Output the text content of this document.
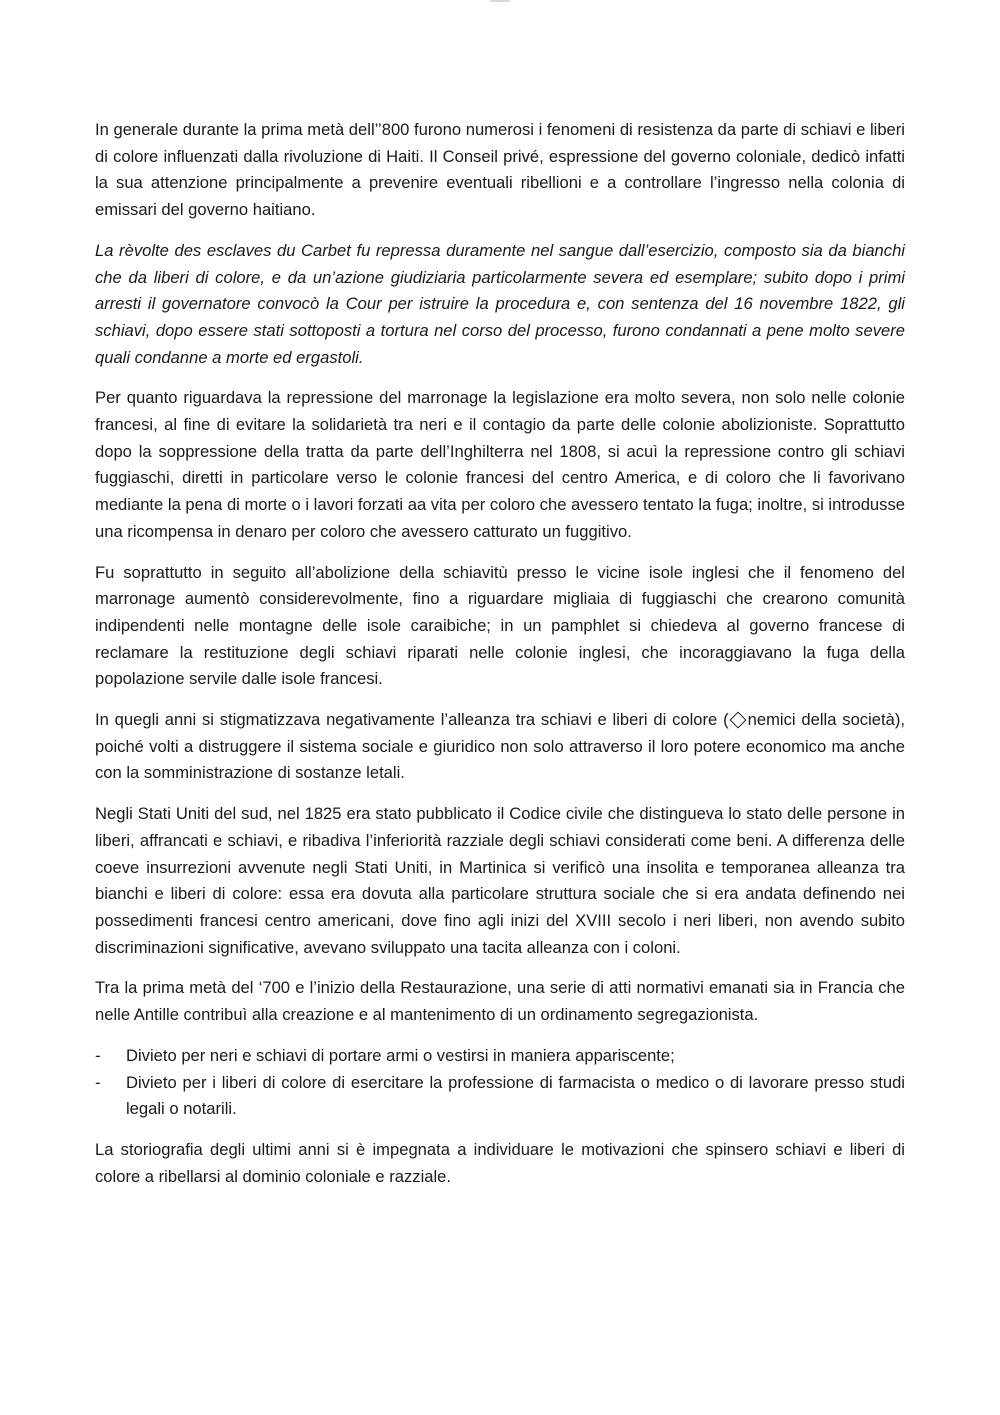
In generale durante la prima metà dell’’800 furono numerosi i fenomeni di resistenza da parte di schiavi e liberi di colore influenzati dalla rivoluzione di Haiti. Il Conseil privé, espressione del governo coloniale, dedicò infatti la sua attenzione principalmente a prevenire eventuali ribellioni e a controllare l’ingresso nella colonia di emissari del governo haitiano.

La rèvolte des esclaves du Carbet fu repressa duramente nel sangue dall’esercizio, composto sia da bianchi che da liberi di colore, e da un’azione giudiziaria particolarmente severa ed esemplare; subito dopo i primi arresti il governatore convocò la Cour per istruire la procedura e, con sentenza del 16 novembre 1822, gli schiavi, dopo essere stati sottoposti a tortura nel corso del processo, furono condannati a pene molto severe quali condanne a morte ed ergastoli.

Per quanto riguardava la repressione del marronage la legislazione era molto severa, non solo nelle colonie francesi, al fine di evitare la solidarietà tra neri e il contagio da parte delle colonie abolizioniste. Soprattutto dopo la soppressione della tratta da parte dell’Inghilterra nel 1808, si acuì la repressione contro gli schiavi fuggiaschi, diretti in particolare verso le colonie francesi del centro America, e di coloro che li favorivano mediante la pena di morte o i lavori forzati aa vita per coloro che avessero tentato la fuga; inoltre, si introdusse una ricompensa in denaro per coloro che avessero catturato un fuggitivo.

Fu soprattutto in seguito all’abolizione della schiavitù presso le vicine isole inglesi che il fenomeno del marronage aumentò considerevolmente, fino a riguardare migliaia di fuggiaschi che crearono comunità indipendenti nelle montagne delle isole caraibiche; in un pamphlet si chiedeva al governo francese di reclamare la restituzione degli schiavi riparati nelle colonie inglesi, che incoraggiavano la fuga della popolazione servile dalle isole francesi.

In quegli anni si stigmatizzava negativamente l’alleanza tra schiavi e liberi di colore ( nemici della società), poiché volti a distruggere il sistema sociale e giuridico non solo attraverso il loro potere economico ma anche con la somministrazione di sostanze letali.

Negli Stati Uniti del sud, nel 1825 era stato pubblicato il Codice civile che distingueva lo stato delle persone in liberi, affrancati e schiavi, e ribadiva l’inferiorità razziale degli schiavi considerati come beni. A differenza delle coeve insurrezioni avvenute negli Stati Uniti, in Martinica si verificò una insolita e temporanea alleanza tra bianchi e liberi di colore: essa era dovuta alla particolare struttura sociale che si era andata definendo nei possedimenti francesi centro americani, dove fino agli inizi del XVIII secolo i neri liberi, non avendo subito discriminazioni significative, avevano sviluppato una tacita alleanza con i coloni.

Tra la prima metà del ‘700 e l’inizio della Restaurazione, una serie di atti normativi emanati sia in Francia che nelle Antille contribuì alla creazione e al mantenimento di un ordinamento segregazionista.

- Divieto per neri e schiavi di portare armi o vestirsi in maniera appariscente;
- Divieto per i liberi di colore di esercitare la professione di farmacista o medico o di lavorare presso studi legali o notarili.

La storiografia degli ultimi anni si è impegnata a individuare le motivazioni che spinsero schiavi e liberi di colore a ribellarsi al dominio coloniale e razziale.
